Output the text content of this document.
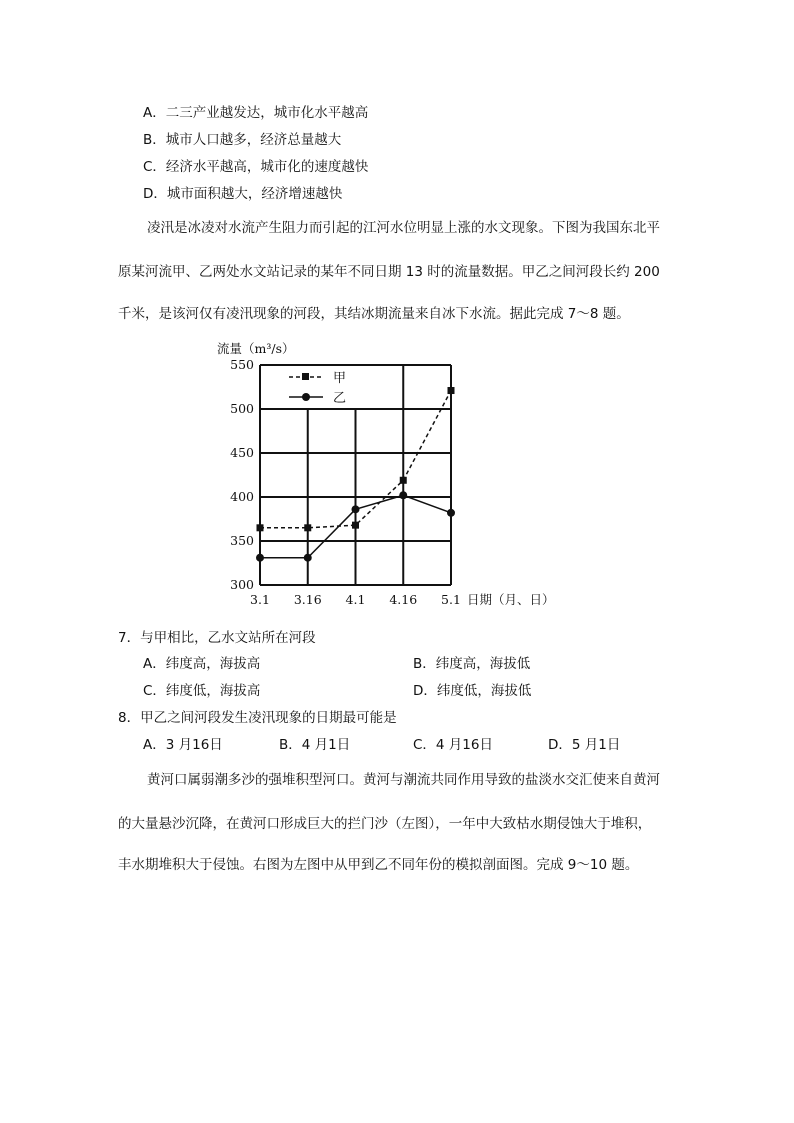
A．二三产业越发达，城市化水平越高
B．城市人口越多，经济总量越大
C．经济水平越高，城市化的速度越快
D．城市面积越大，经济增速越快
凌汛是冰凌对水流产生阻力而引起的江河水位明显上涨的水文现象。下图为我国东北平
原某河流甲、乙两处水文站记录的某年不同日期 13 时的流量数据。甲乙之间河段长约 200
千米，是该河仅有凌汛现象的河段，其结冰期流量来自冰下水流。据此完成 7～8 题。
300
350
400
450
500
550
3.1 3.16 4.1 4.16 5.1
流量（m³/s）
日期（月、日）
甲
乙
7．与甲相比，乙水文站所在河段
A．纬度高，海拔高	B．纬度高，海拔低
C．纬度低，海拔高	D．纬度低，海拔低
8．甲乙之间河段发生凌汛现象的日期最可能是
A．3 月16日	B．4 月1日	C．4 月16日	D．5 月1日
黄河口属弱潮多沙的强堆积型河口。黄河与潮流共同作用导致的盐淡水交汇使来自黄河
的大量悬沙沉降，在黄河口形成巨大的拦门沙（左图），一年中大致枯水期侵蚀大于堆积，
丰水期堆积大于侵蚀。右图为左图中从甲到乙不同年份的模拟剖面图。完成 9～10 题。
